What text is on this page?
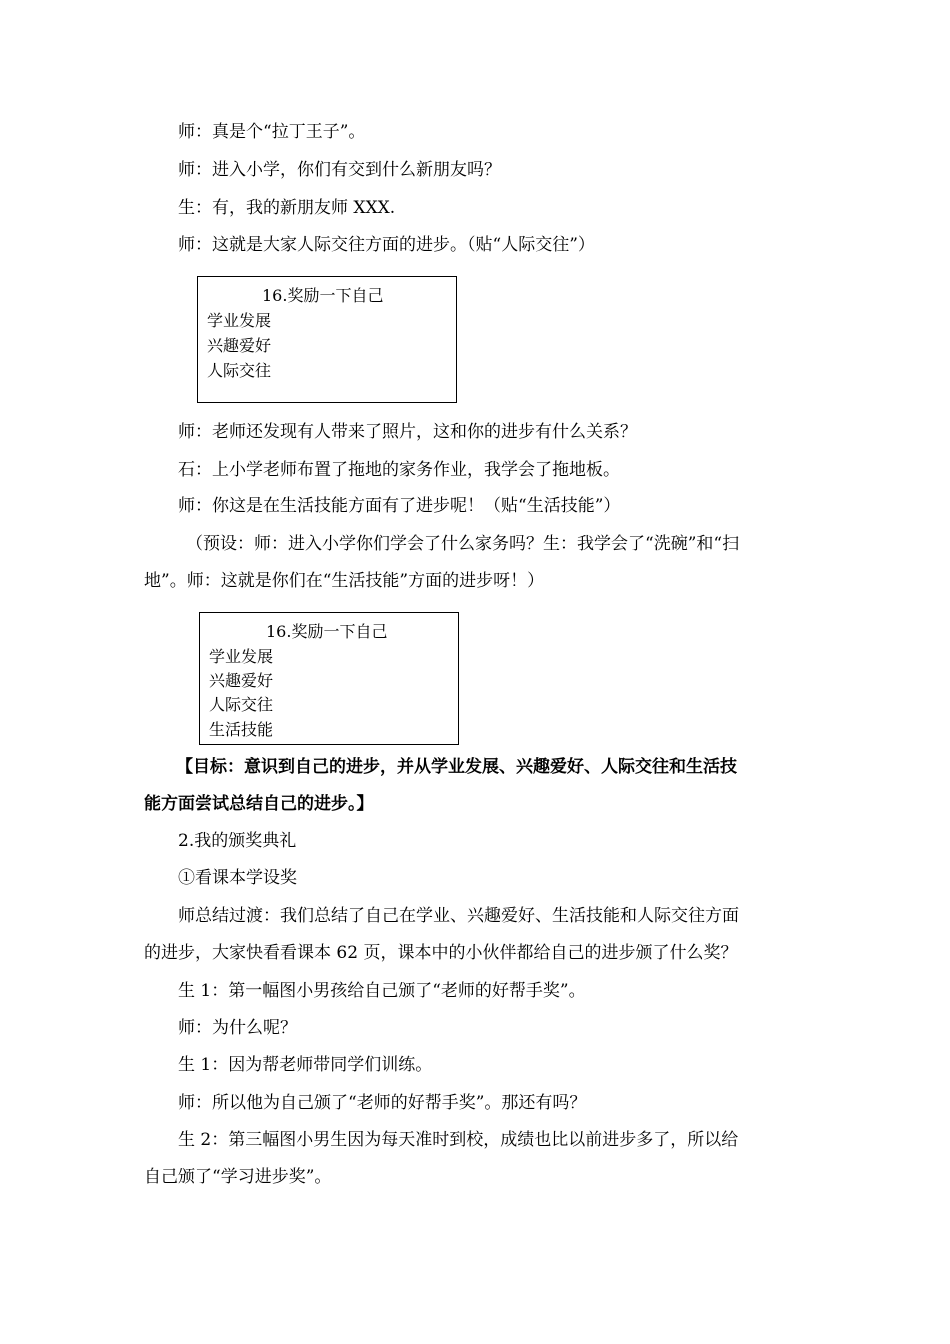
师：真是个“拉丁王子”。
师：进入小学，你们有交到什么新朋友吗？
生：有，我的新朋友师 XXX.
师：这就是大家人际交往方面的进步。（贴“人际交往”）
16.奖励一下自己
学业发展
兴趣爱好
人际交往
师：老师还发现有人带来了照片，这和你的进步有什么关系？
石：上小学老师布置了拖地的家务作业，我学会了拖地板。
师：你这是在生活技能方面有了进步呢！（贴“生活技能”）
（预设：师：进入小学你们学会了什么家务吗？生：我学会了“洗碗”和“扫
地”。师：这就是你们在“生活技能”方面的进步呀！）
16.奖励一下自己
学业发展
兴趣爱好
人际交往
生活技能
【目标：意识到自己的进步，并从学业发展、兴趣爱好、人际交往和生活技
能方面尝试总结自己的进步。】
2.我的颁奖典礼
①看课本学设奖
师总结过渡：我们总结了自己在学业、兴趣爱好、生活技能和人际交往方面
的进步，大家快看看课本 62 页，课本中的小伙伴都给自己的进步颁了什么奖？
生 1：第一幅图小男孩给自己颁了“老师的好帮手奖”。
师：为什么呢？
生 1：因为帮老师带同学们训练。
师：所以他为自己颁了“老师的好帮手奖”。那还有吗？
生 2：第三幅图小男生因为每天准时到校，成绩也比以前进步多了，所以给
自己颁了“学习进步奖”。
